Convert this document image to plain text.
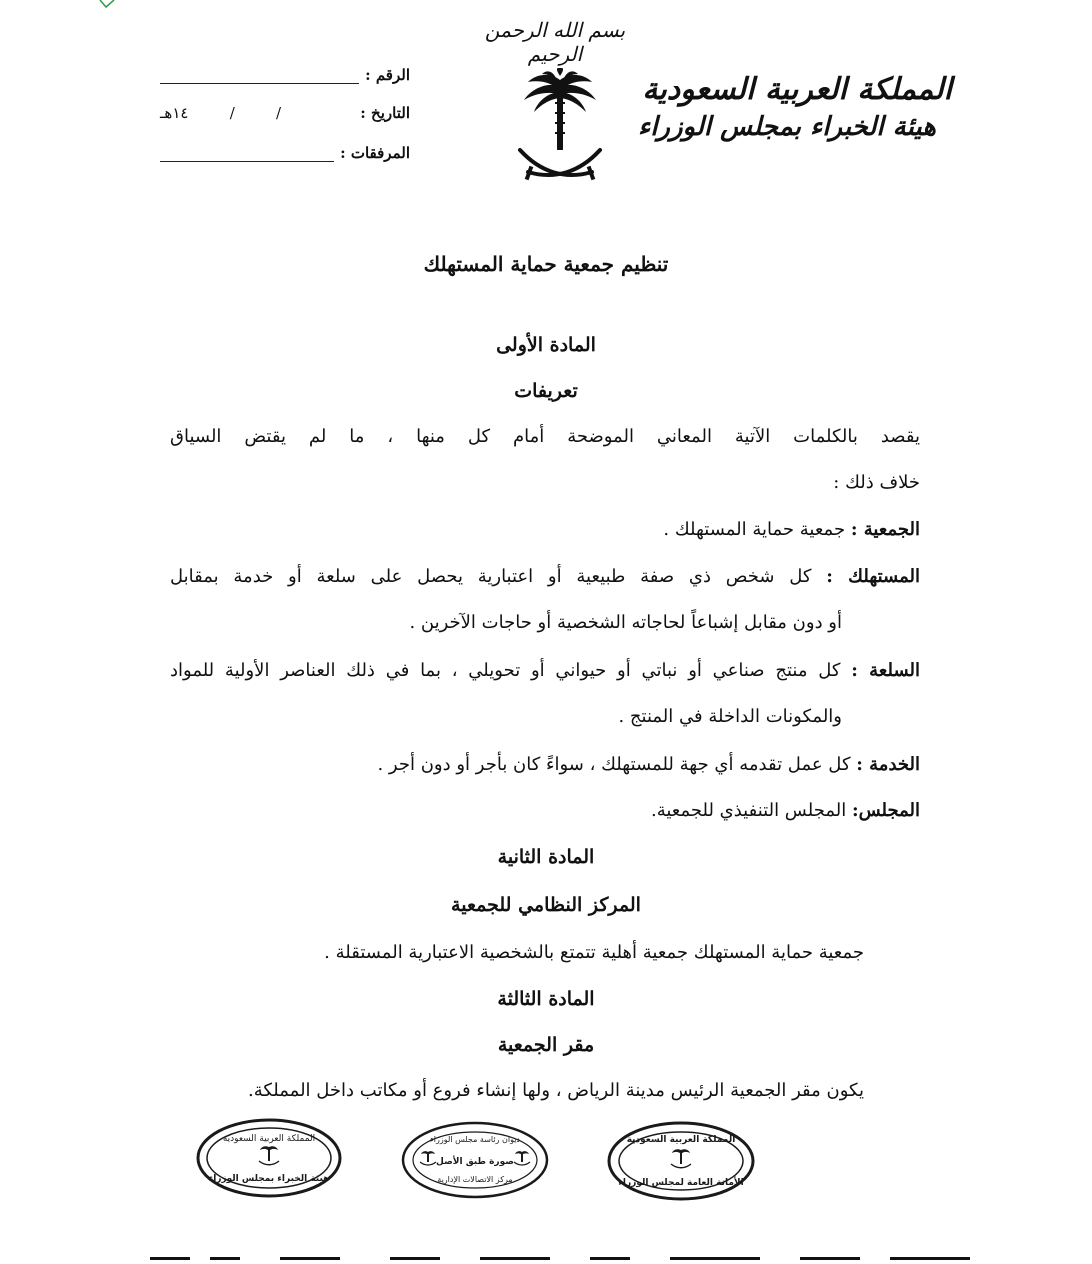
بسم الله الرحمن الرحيم
المملكة العربية السعودية
هيئة الخبراء بمجلس الوزراء
الرقم :
التاريخ :
/
/
١٤هـ
المرفقات :
تنظيم جمعية حماية المستهلك
المادة الأولى
تعريفات
يقصد بالكلمات الآتية المعاني الموضحة أمام كل منها ، ما لم يقتض السياق
خلاف ذلك :
الجمعية : جمعية حماية المستهلك .
المستهلك : كل شخص ذي صفة طبيعية أو اعتبارية يحصل على سلعة أو خدمة بمقابل
أو دون مقابل إشباعاً لحاجاته الشخصية أو حاجات الآخرين .
السلعة : كل منتج صناعي أو نباتي أو حيواني أو تحويلي ، بما في ذلك العناصر الأولية للمواد
والمكونات الداخلة في المنتج .
الخدمة : كل عمل تقدمه أي جهة للمستهلك ، سواءً كان بأجر أو دون أجر .
المجلس: المجلس التنفيذي للجمعية.
المادة الثانية
المركز النظامي للجمعية
جمعية حماية المستهلك جمعية أهلية تتمتع بالشخصية الاعتبارية المستقلة .
المادة الثالثة
مقر الجمعية
يكون مقر الجمعية الرئيس مدينة الرياض ، ولها إنشاء فروع أو مكاتب داخل المملكة.
المملكة العربية السعودية
هيئة الخبراء بمجلس الوزراء
ديوان رئاسة مجلس الوزراء
صورة طبق الأصل
مركز الاتصالات الإدارية
المملكة العربية السعودية
الأمانة العامة لمجلس الوزراء
